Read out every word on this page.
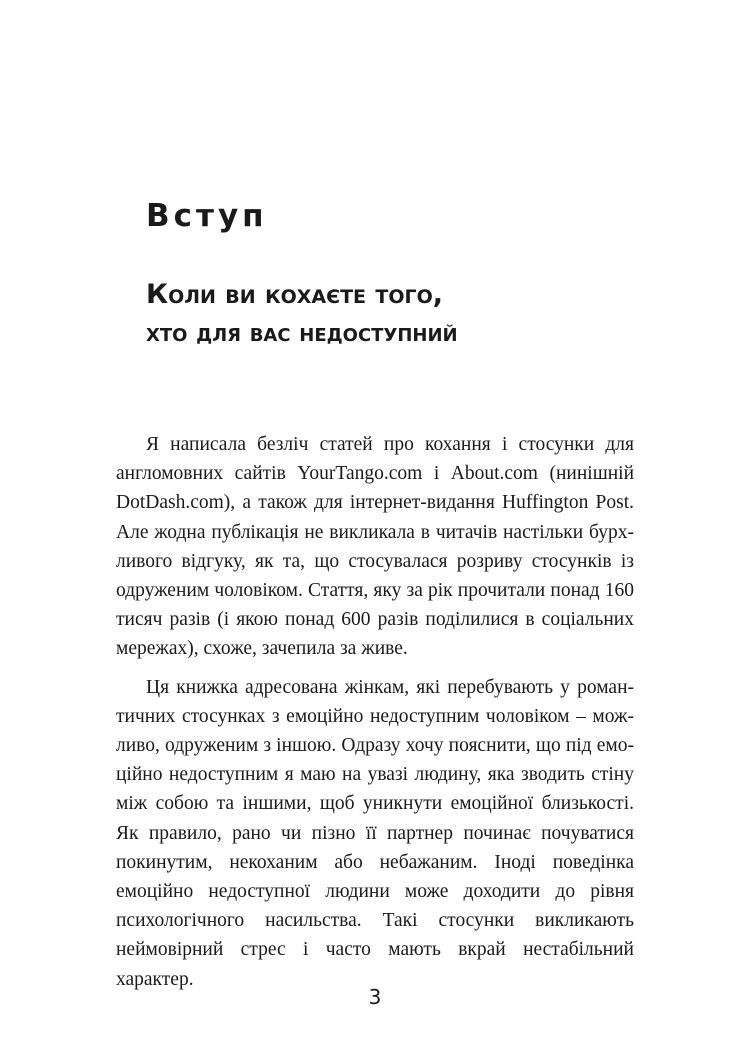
Вступ
Коли ви кохаєте того,
хто для вас недоступний

Я написала безліч статей про кохання і стосунки для англомовних сайтів YourTango.com і About.com (нинішній DotDash.com), а також для інтернет-видання Huffington Post. Але жодна публікація не викликала в читачів настільки бурхливого відгуку, як та, що стосувалася розриву стосунків із одруженим чоловіком. Стаття, яку за рік прочитали понад 160 тисяч разів (і якою понад 600 разів поділилися в соціальних мережах), схоже, зачепила за живе.

Ця книжка адресована жінкам, які перебувають у романтичних стосунках з емоційно недоступним чоловіком – можливо, одруженим з іншою. Одразу хочу пояснити, що під емоційно недоступним я маю на увазі людину, яка зводить стіну між собою та іншими, щоб уникнути емоційної близькості. Як правило, рано чи пізно її партнер починає почуватися покинутим, некоханим або небажаним. Іноді поведінка емоційно недоступної людини може доходити до рівня психологічного насильства. Такі стосунки викликають неймовірний стрес і часто мають вкрай нестабільний характер.

3
